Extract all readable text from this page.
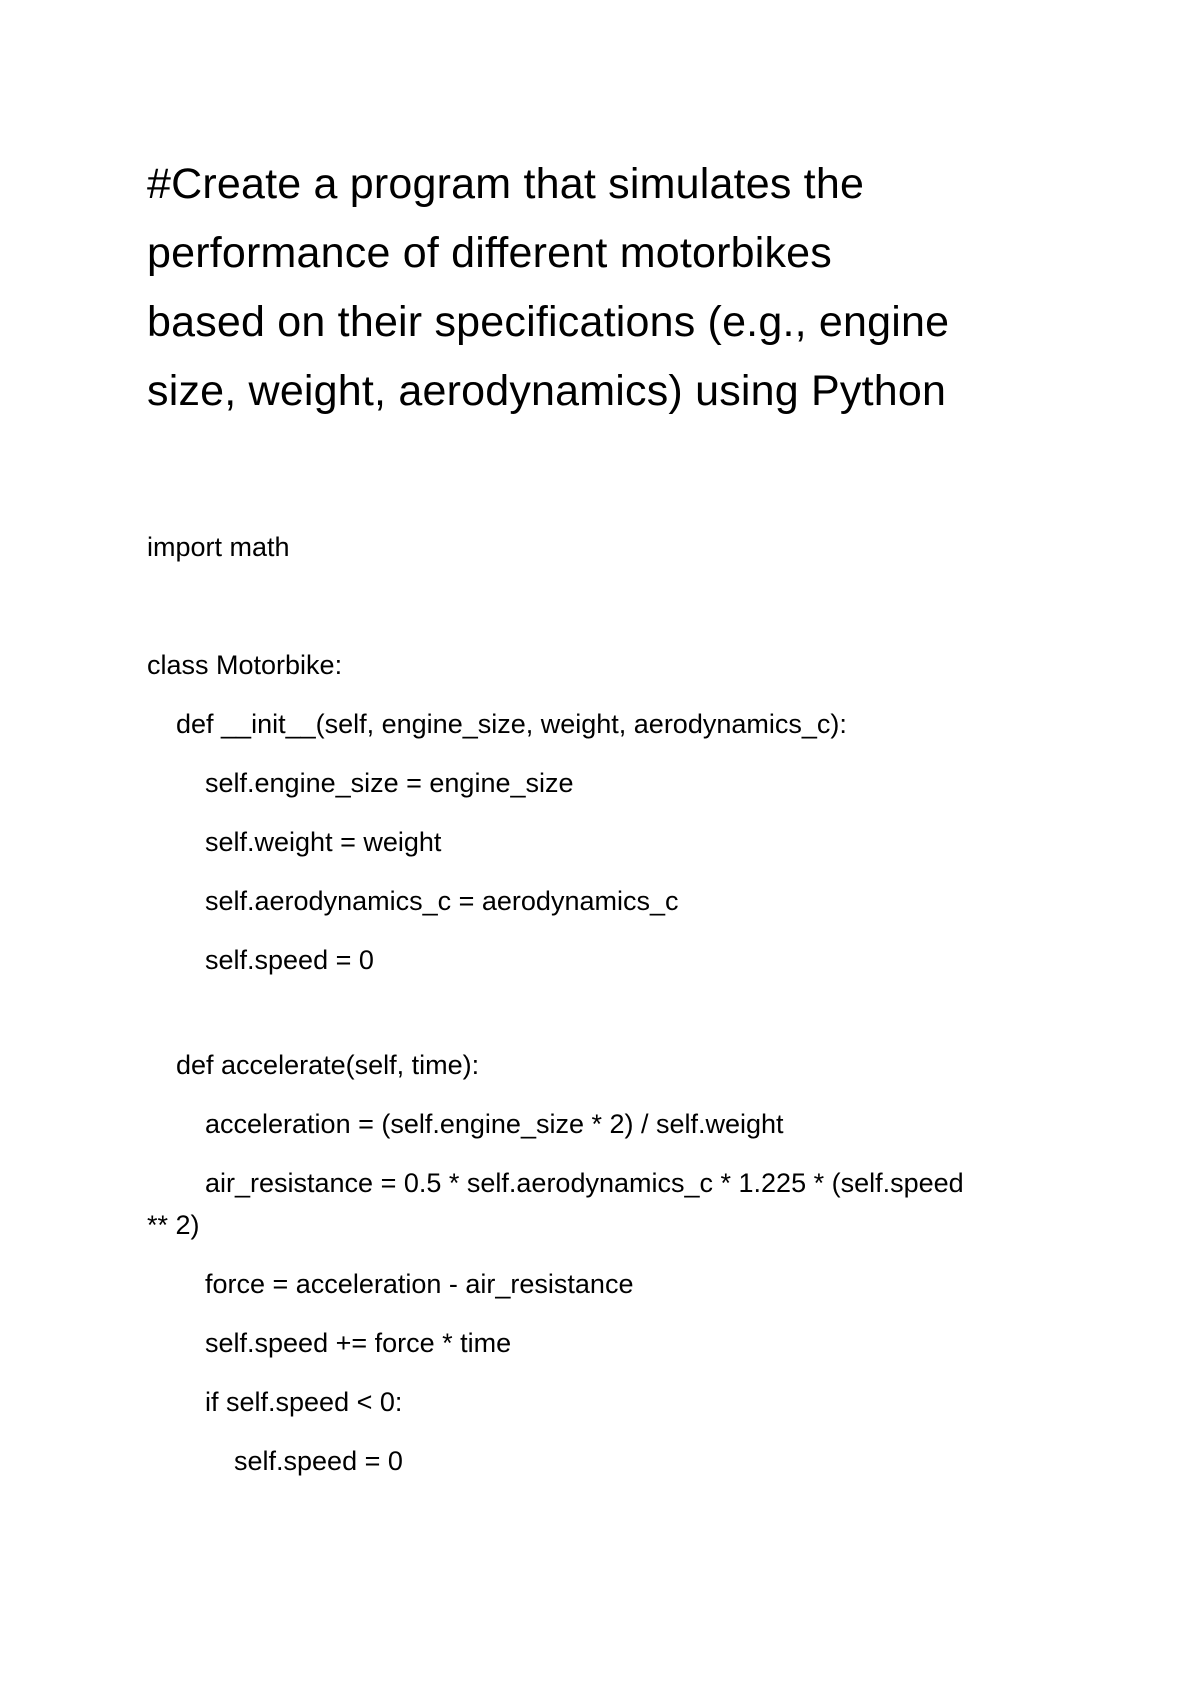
#Create a program that simulates the
performance of different motorbikes
based on their specifications (e.g., engine
size, weight, aerodynamics) using Python

import math

class Motorbike:

def __init__(self, engine_size, weight, aerodynamics_c):

self.engine_size = engine_size

self.weight = weight

self.aerodynamics_c = aerodynamics_c

self.speed = 0

def accelerate(self, time):

acceleration = (self.engine_size * 2) / self.weight

air_resistance = 0.5 * self.aerodynamics_c * 1.225 * (self.speed

** 2)

force = acceleration - air_resistance

self.speed += force * time

if self.speed < 0:

self.speed = 0
